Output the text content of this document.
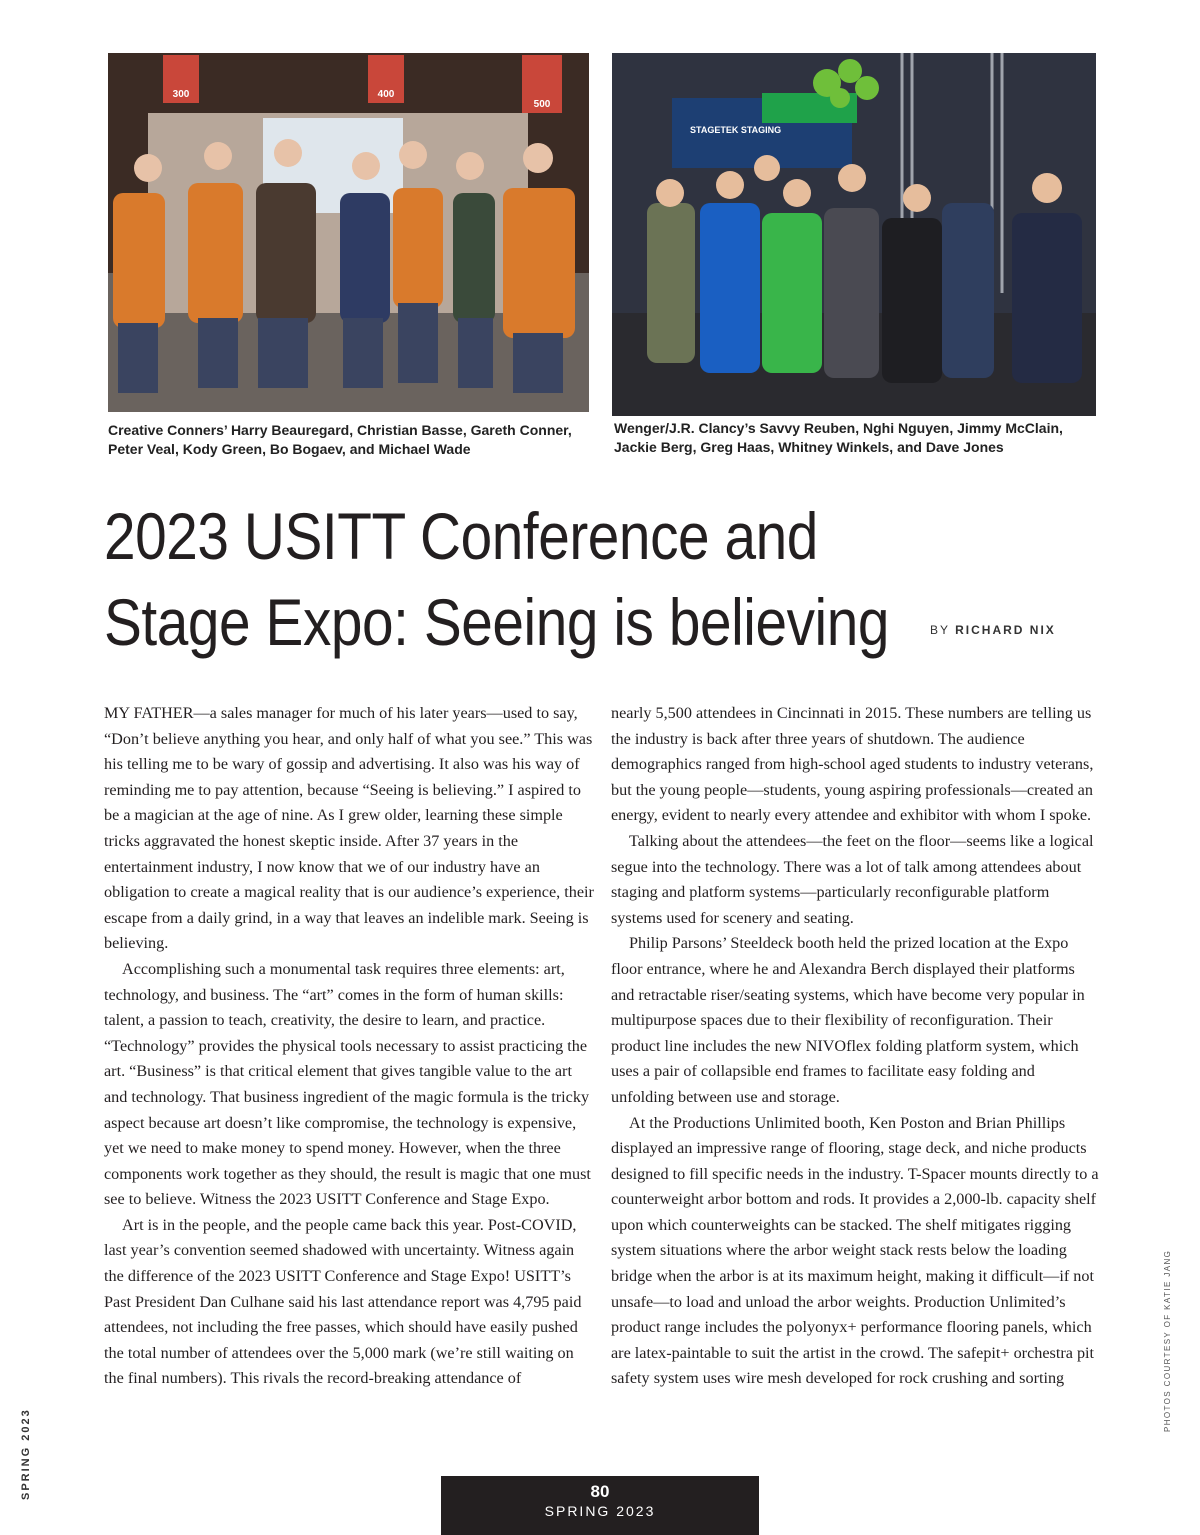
300	400
500
STAGETEK STAGING
Creative Conners’ Harry Beauregard, Christian Basse, Gareth Conner, Peter Veal, Kody Green, Bo Bogaev, and Michael Wade
Wenger/J.R. Clancy’s Savvy Reuben, Nghi Nguyen, Jimmy McClain, Jackie Berg, Greg Haas, Whitney Winkels, and Dave Jones
2023 USITT Conference and
Stage Expo: Seeing is believing	BY RICHARD NIX

MY FATHER—a sales manager for much of his later years—used to say, “Don’t believe anything you hear, and only half of what you see.” This was his telling me to be wary of gossip and advertising. It also was his way of reminding me to pay attention, because “Seeing is believing.” I aspired to be a magician at the age of nine. As I grew older, learning these simple tricks aggravated the honest skeptic inside. After 37 years in the entertainment industry, I now know that we of our industry have an obligation to create a magical reality that is our audience’s experience, their escape from a daily grind, in a way that leaves an indelible mark. Seeing is believing.

Accomplishing such a monumental task requires three elements: art, technology, and business. The “art” comes in the form of human skills: talent, a passion to teach, creativity, the desire to learn, and practice. “Technology” provides the physical tools necessary to assist practicing the art. “Business” is that critical element that gives tangible value to the art and technology. That business ingredient of the magic formula is the tricky aspect because art doesn’t like compromise, the technology is expensive, yet we need to make money to spend money. However, when the three components work together as they should, the result is magic that one must see to believe. Witness the 2023 USITT Conference and Stage Expo.

Art is in the people, and the people came back this year. Post-COVID, last year’s convention seemed shadowed with uncertainty. Witness again the difference of the 2023 USITT Conference and Stage Expo! USITT’s Past President Dan Culhane said his last attendance report was 4,795 paid attendees, not including the free passes, which should have easily pushed the total number of attendees over the 5,000 mark (we’re still waiting on the final numbers). This rivals the record-breaking attendance of

nearly 5,500 attendees in Cincinnati in 2015. These numbers are telling us the industry is back after three years of shutdown. The audience demographics ranged from high-school aged students to industry veterans, but the young people—students, young aspiring professionals—created an energy, evident to nearly every attendee and exhibitor with whom I spoke.

Talking about the attendees—the feet on the floor—seems like a logical segue into the technology. There was a lot of talk among attendees about staging and platform systems—particularly reconfigurable platform systems used for scenery and seating.

Philip Parsons’ Steeldeck booth held the prized location at the Expo floor entrance, where he and Alexandra Berch displayed their platforms and retractable riser/seating systems, which have become very popular in multipurpose spaces due to their flexibility of reconfiguration. Their product line includes the new NIVOflex folding platform system, which uses a pair of collapsible end frames to facilitate easy folding and unfolding between use and storage.

At the Productions Unlimited booth, Ken Poston and Brian Phillips displayed an impressive range of flooring, stage deck, and niche products designed to fill specific needs in the industry. T-Spacer mounts directly to a counterweight arbor bottom and rods. It provides a 2,000-lb. capacity shelf upon which counterweights can be stacked. The shelf mitigates rigging system situations where the arbor weight stack rests below the loading bridge when the arbor is at its maximum height, making it difficult—if not unsafe—to load and unload the arbor weights. Production Unlimited’s product range includes the polyonyx+ performance flooring panels, which are latex-paintable to suit the artist in the crowd. The safepit+ orchestra pit safety system uses wire mesh developed for rock crushing and sorting

SPRING 2023
PHOTOS COURTESY OF KATIE JANG
80
SPRING 2023
